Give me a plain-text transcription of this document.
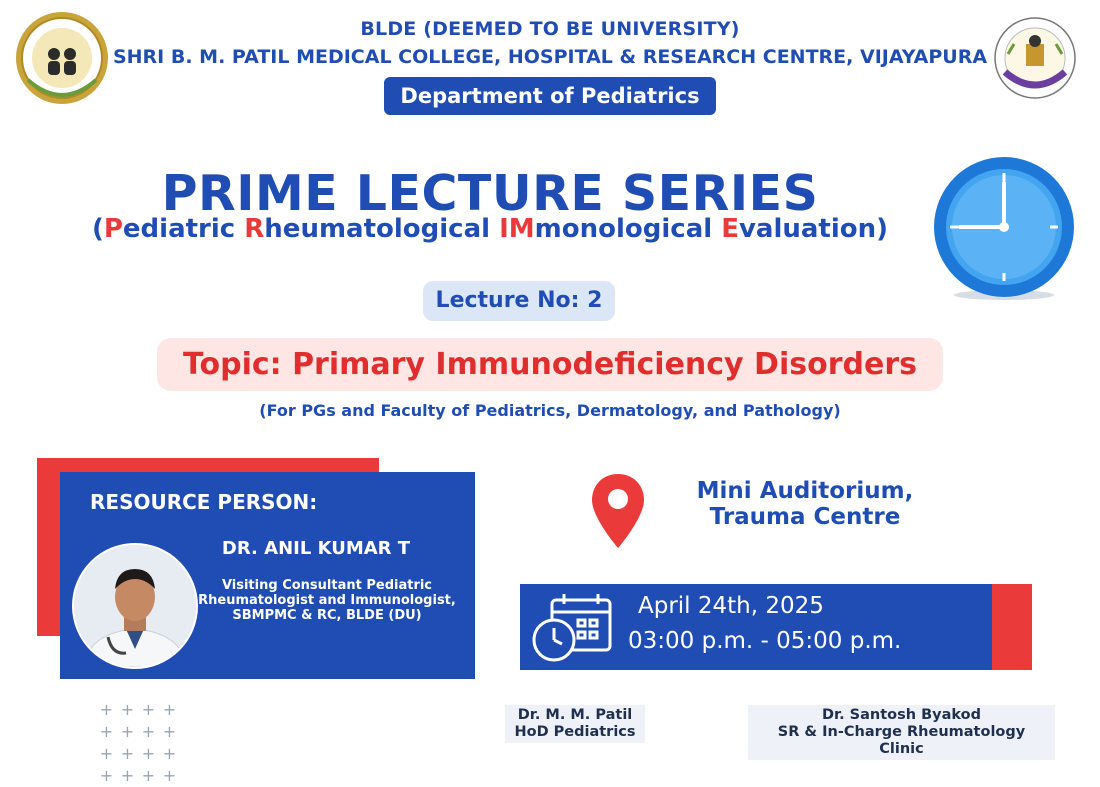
BLDE (DEEMED TO BE UNIVERSITY)
SHRI B. M. PATIL MEDICAL COLLEGE, HOSPITAL & RESEARCH CENTRE, VIJAYAPURA
Department of Pediatrics
PRIME LECTURE SERIES
(Pediatric Rheumatological IMmonological Evaluation)
Lecture No: 2
Topic: Primary Immunodeficiency Disorders
(For PGs and Faculty of Pediatrics, Dermatology, and Pathology)
RESOURCE PERSON:
DR. ANIL KUMAR T
Visiting Consultant Pediatric Rheumatologist and Immunologist, SBMPMC & RC, BLDE (DU)
Mini Auditorium,
Trauma Centre
April 24th, 2025
03:00 p.m. - 05:00 p.m.
+ + + + + + + + + + + + + + + +
Dr. M. M. Patil
HoD Pediatrics
Dr. Santosh Byakod
SR & In-Charge Rheumatology Clinic
